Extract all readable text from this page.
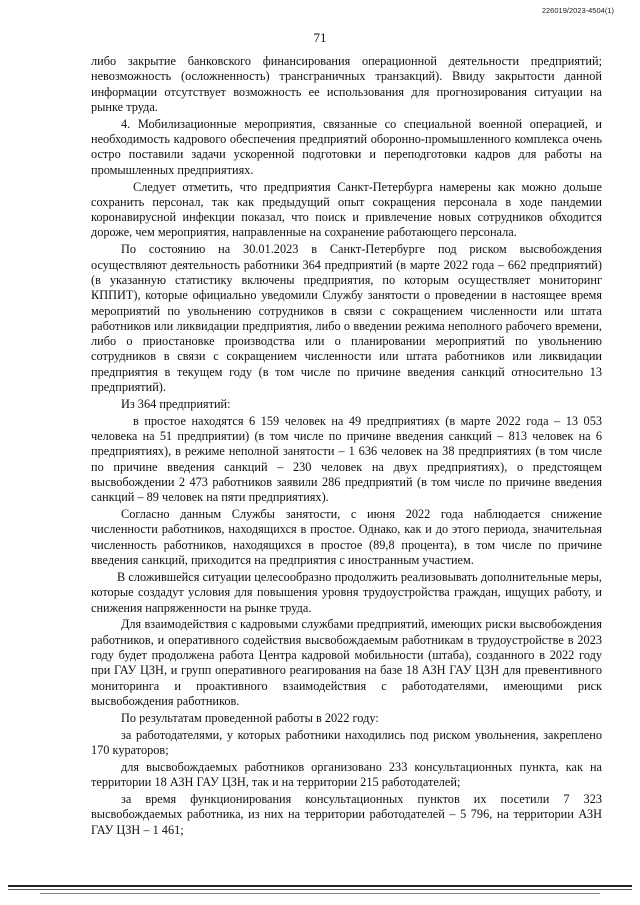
226019/2023-4504(1)
71

либо закрытие банковского финансирования операционной деятельности предприятий; невозможность (осложненность) трансграничных транзакций). Ввиду закрытости данной информации отсутствует возможность ее использования для прогнозирования ситуации на рынке труда.

4. Мобилизационные мероприятия, связанные со специальной военной операцией, и необходимость кадрового обеспечения предприятий оборонно-промышленного комплекса очень остро поставили задачи ускоренной подготовки и переподготовки кадров для работы на промышленных предприятиях.

Следует отметить, что предприятия Санкт-Петербурга намерены как можно дольше сохранить персонал, так как предыдущий опыт сокращения персонала в ходе пандемии коронавирусной инфекции показал, что поиск и привлечение новых сотрудников обходится дороже, чем мероприятия, направленные на сохранение работающего персонала.

По состоянию на 30.01.2023 в Санкт-Петербурге под риском высвобождения осуществляют деятельность работники 364 предприятий (в марте 2022 года – 662 предприятий) (в указанную статистику включены предприятия, по которым осуществляет мониторинг КППИТ), которые официально уведомили Службу занятости о проведении в настоящее время мероприятий по увольнению сотрудников в связи с сокращением численности или штата работников или ликвидации предприятия, либо о введении режима неполного рабочего времени, либо о приостановке производства или о планировании мероприятий по увольнению сотрудников в связи с сокращением численности или штата работников или ликвидации предприятия в текущем году (в том числе по причине введения санкций относительно 13 предприятий).

Из 364 предприятий:

в простое находятся 6 159 человек на 49 предприятиях (в марте 2022 года – 13 053 человека на 51 предприятии) (в том числе по причине введения санкций – 813 человек на 6 предприятиях), в режиме неполной занятости – 1 636 человек на 38 предприятиях (в том числе по причине введения санкций – 230 человек на двух предприятиях), о предстоящем высвобождении 2 473 работников заявили 286 предприятий (в том числе по причине введения санкций – 89 человек на пяти предприятиях).

Согласно данным Службы занятости, с июня 2022 года наблюдается снижение численности работников, находящихся в простое. Однако, как и до этого периода, значительная численность работников, находящихся в простое (89,8 процента), в том числе по причине введения санкций, приходится на предприятия с иностранным участием.

В сложившейся ситуации целесообразно продолжить реализовывать дополнительные меры, которые создадут условия для повышения уровня трудоустройства граждан, ищущих работу, и снижения напряженности на рынке труда.

Для взаимодействия с кадровыми службами предприятий, имеющих риски высвобождения работников, и оперативного содействия высвобождаемым работникам в трудоустройстве в 2023 году будет продолжена работа Центра кадровой мобильности (штаба), созданного в 2022 году при ГАУ ЦЗН, и групп оперативного реагирования на базе 18 АЗН ГАУ ЦЗН для превентивного мониторинга и проактивного взаимодействия с работодателями, имеющими риск высвобождения работников.

По результатам проведенной работы в 2022 году:

за работодателями, у которых работники находились под риском увольнения, закреплено 170 кураторов;

для высвобождаемых работников организовано 233 консультационных пункта, как на территории 18 АЗН ГАУ ЦЗН, так и на территории 215 работодателей;

за время функционирования консультационных пунктов их посетили 7 323 высвобождаемых работника, из них на территории работодателей – 5 796, на территории АЗН ГАУ ЦЗН – 1 461;
